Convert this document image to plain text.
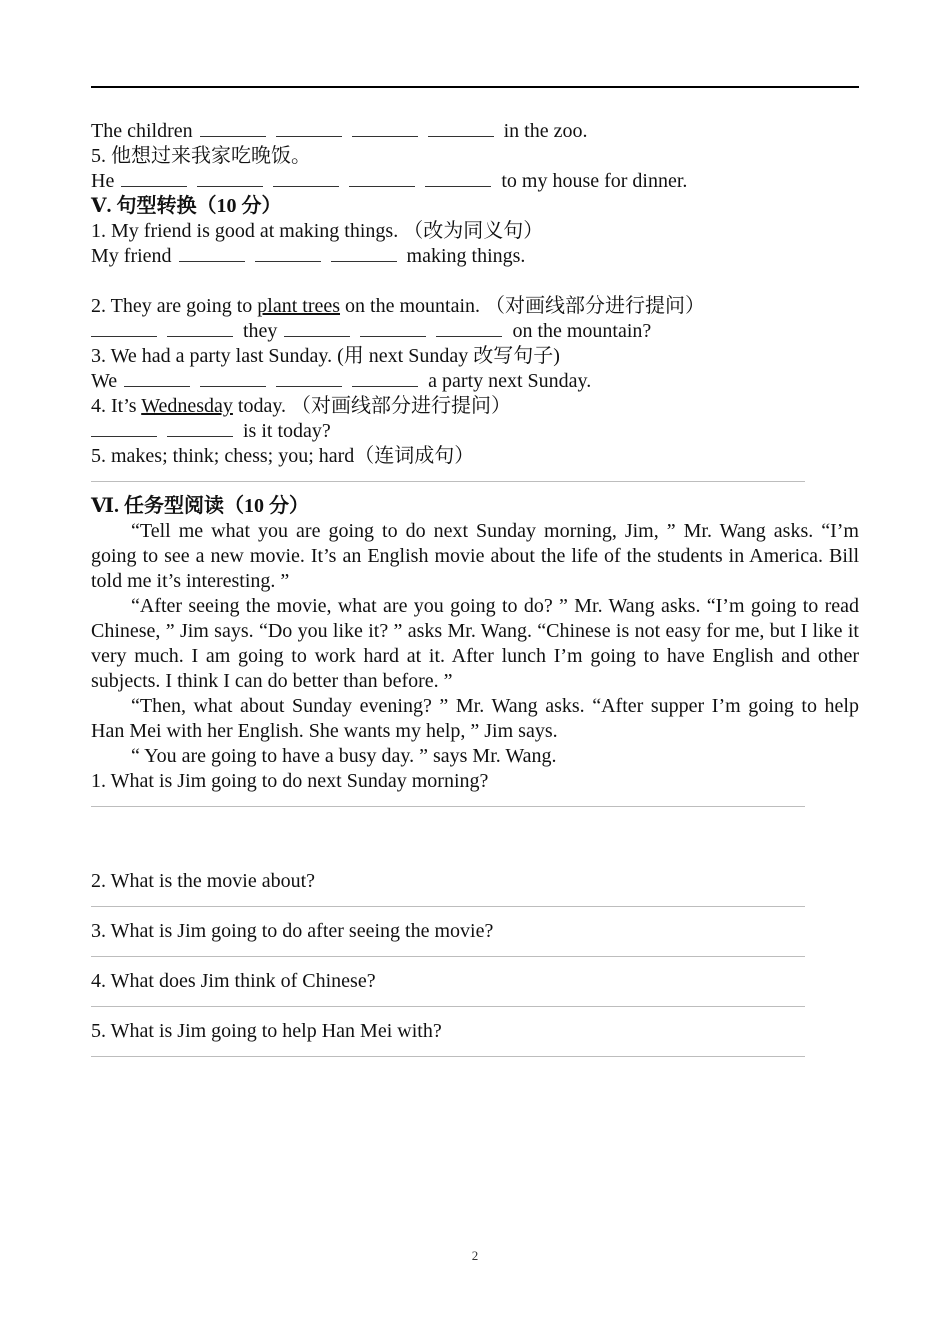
The children	in the zoo.
5. 他想过来我家吃晚饭。
He	to my house for dinner.
Ⅴ. 句型转换（10 分）
1. My friend is good at making things. （改为同义句）
My friend	making things.
2. They are going to plant trees on the mountain. （对画线部分进行提问）
they	on the mountain?
3. We had a party last Sunday. (用 next Sunday 改写句子)
We	a party next Sunday.
4. It’s Wednesday today. （对画线部分进行提问）
is it today?
5. makes; think; chess; you; hard（连词成句）
Ⅵ. 任务型阅读（10 分）
“Tell me what you are going to do next Sunday morning, Jim, ” Mr. Wang asks. “I’m going to see a new movie. It’s an English movie about the life of the students in America. Bill told me it’s interesting. ”
“After seeing the movie, what are you going to do? ” Mr. Wang asks. “I’m going to read Chinese, ” Jim says. “Do you like it? ” asks Mr. Wang. “Chinese is not easy for me, but I like it very much. I am going to work hard at it. After lunch I’m going to have English and other subjects. I think I can do better than before. ”
“Then, what about Sunday evening? ” Mr. Wang asks. “After supper I’m going to help Han Mei with her English. She wants my help, ” Jim says.
“ You are going to have a busy day. ” says Mr. Wang.
1. What is Jim going to do next Sunday morning?
2. What is the movie about?
3. What is Jim going to do after seeing the movie?
4. What does Jim think of Chinese?
5. What is Jim going to help Han Mei with?
2
